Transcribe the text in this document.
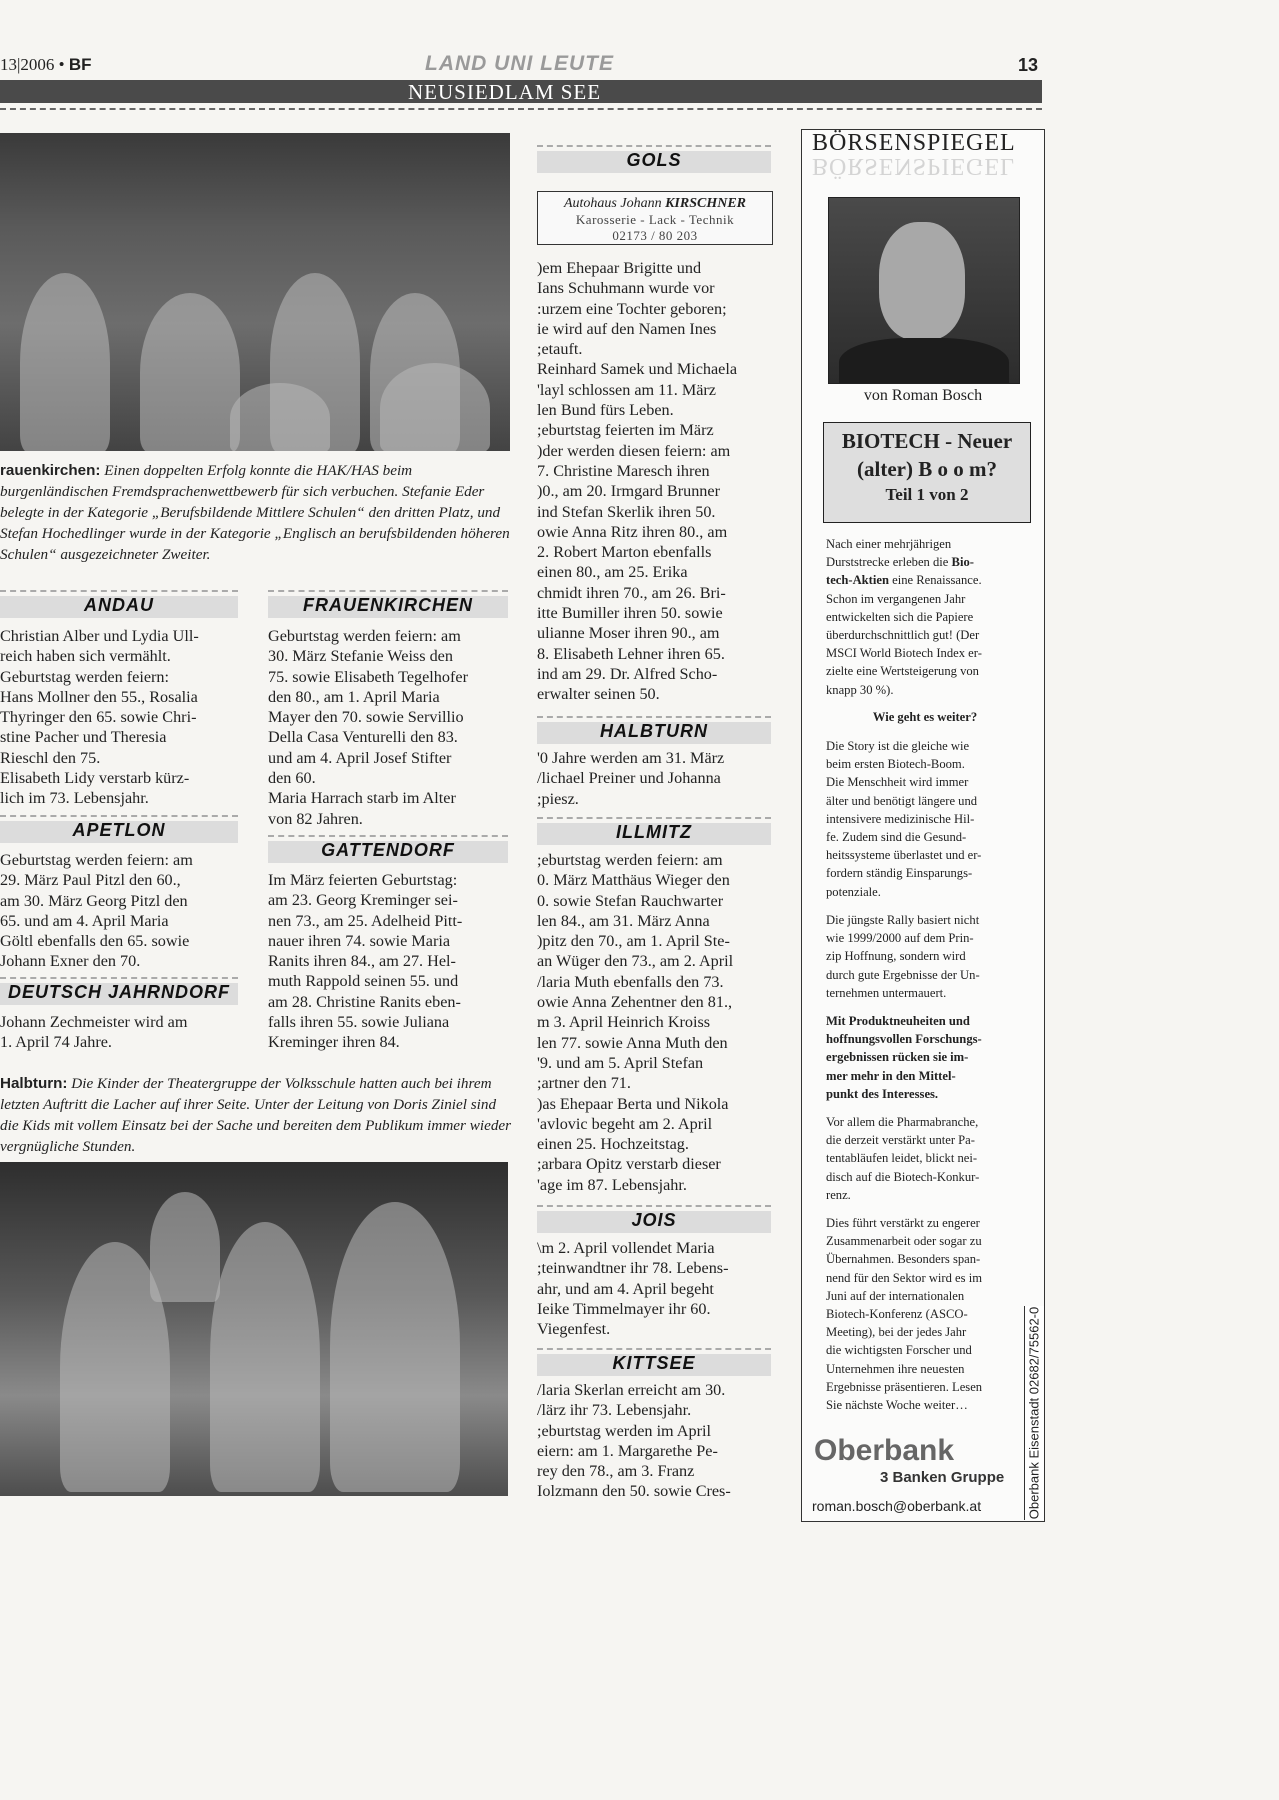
13|2006 • BF	LAND UNI LEUTE	13
NEUSIEDLAM SEE
rauenkirchen: Einen doppelten Erfolg konnte die HAK/HAS beim burgenländischen Fremdsprachenwettbewerb für sich verbuchen. Stefanie Eder belegte in der Kategorie „Berufsbildende Mittlere Schulen“ den dritten Platz, und Stefan Hochedlinger wurde in der Kategorie „Englisch an berufsbildenden höheren Schulen“ ausgezeichneter Zweiter.
ANDAU
Christian Alber und Lydia Ull-
reich haben sich vermählt.
Geburtstag werden feiern:
Hans Mollner den 55., Rosalia
Thyringer den 65. sowie Chri-
stine Pacher und Theresia
Rieschl den 75.
Elisabeth Lidy verstarb kürz-
lich im 73. Lebensjahr.
APETLON
Geburtstag werden feiern: am
29. März Paul Pitzl den 60.,
am 30. März Georg Pitzl den
65. und am 4. April Maria
Göltl ebenfalls den 65. sowie
Johann Exner den 70.
DEUTSCH JAHRNDORF
Johann Zechmeister wird am
1. April 74 Jahre.
FRAUENKIRCHEN
Geburtstag werden feiern: am
30. März Stefanie Weiss den
75. sowie Elisabeth Tegelhofer
den 80., am 1. April Maria
Mayer den 70. sowie Servillio
Della Casa Venturelli den 83.
und am 4. April Josef Stifter
den 60.
Maria Harrach starb im Alter
von 82 Jahren.
GATTENDORF
Im März feierten Geburtstag:
am 23. Georg Kreminger sei-
nen 73., am 25. Adelheid Pitt-
nauer ihren 74. sowie Maria
Ranits ihren 84., am 27. Hel-
muth Rappold seinen 55. und
am 28. Christine Ranits eben-
falls ihren 55. sowie Juliana
Kreminger ihren 84.
Halbturn: Die Kinder der Theatergruppe der Volksschule hatten auch bei ihrem letzten Auftritt die Lacher auf ihrer Seite. Unter der Leitung von Doris Ziniel sind die Kids mit vollem Einsatz bei der Sache und bereiten dem Publikum immer wieder vergnügliche Stunden.
GOLS
Autohaus Johann KIRSCHNER
Karosserie - Lack - Technik
02173 / 80 203
)em Ehepaar Brigitte und
Ians Schuhmann wurde vor
:urzem eine Tochter geboren;
ie wird auf den Namen Ines
;etauft.
Reinhard Samek und Michaela
'layl schlossen am 11. März
len Bund fürs Leben.
;eburtstag feierten im März
)der werden diesen feiern: am
7. Christine Maresch ihren
)0., am 20. Irmgard Brunner
ind Stefan Skerlik ihren 50.
owie Anna Ritz ihren 80., am
2. Robert Marton ebenfalls
einen 80., am 25. Erika
chmidt ihren 70., am 26. Bri-
itte Bumiller ihren 50. sowie
ulianne Moser ihren 90., am
8. Elisabeth Lehner ihren 65.
ind am 29. Dr. Alfred Scho-
erwalter seinen 50.
HALBTURN
'0 Jahre werden am 31. März
/lichael Preiner und Johanna
;piesz.
ILLMITZ
;eburtstag werden feiern: am
0. März Matthäus Wieger den
0. sowie Stefan Rauchwarter
len 84., am 31. März Anna
)pitz den 70., am 1. April Ste-
an Wüger den 73., am 2. April
/laria Muth ebenfalls den 73.
owie Anna Zehentner den 81.,
m 3. April Heinrich Kroiss
len 77. sowie Anna Muth den
'9. und am 5. April Stefan
;artner den 71.
)as Ehepaar Berta und Nikola
'avlovic begeht am 2. April
einen 25. Hochzeitstag.
;arbara Opitz verstarb dieser
'age im 87. Lebensjahr.
JOIS
\m 2. April vollendet Maria
;teinwandtner ihr 78. Lebens-
ahr, und am 4. April begeht
Ieike Timmelmayer ihr 60.
Viegenfest.
KITTSEE
/laria Skerlan erreicht am 30.
/lärz ihr 73. Lebensjahr.
;eburtstag werden im April
eiern: am 1. Margarethe Pe-
rey den 78., am 3. Franz
Iolzmann den 50. sowie Cres-
BÖRSENSPIEGEL
BÖRSENSPIEGEL
von Roman Bosch
BIOTECH - Neuer
(alter) B o o m?
Teil 1 von 2
Nach einer mehrjährigen
Durststrecke erleben die Bio-
tech-Aktien eine Renaissance.
Schon im vergangenen Jahr
entwickelten sich die Papiere
überdurchschnittlich gut! (Der
MSCI World Biotech Index er-
zielte eine Wertsteigerung von
knapp 30 %).
Wie geht es weiter?
Die Story ist die gleiche wie
beim ersten Biotech-Boom.
Die Menschheit wird immer
älter und benötigt längere und
intensivere medizinische Hil-
fe. Zudem sind die Gesund-
heitssysteme überlastet und er-
fordern ständig Einsparungs-
potenziale.
Die jüngste Rally basiert nicht
wie 1999/2000 auf dem Prin-
zip Hoffnung, sondern wird
durch gute Ergebnisse der Un-
ternehmen untermauert.
Mit Produktneuheiten und
hoffnungsvollen Forschungs-
ergebnissen rücken sie im-
mer mehr in den Mittel-
punkt des Interesses.
Vor allem die Pharmabranche,
die derzeit verstärkt unter Pa-
tentabläufen leidet, blickt nei-
disch auf die Biotech-Konkur-
renz.
Dies führt verstärkt zu engerer
Zusammenarbeit oder sogar zu
Übernahmen. Besonders span-
nend für den Sektor wird es im
Juni auf der internationalen
Biotech-Konferenz (ASCO-
Meeting), bei der jedes Jahr
die wichtigsten Forscher und
Unternehmen ihre neuesten
Ergebnisse präsentieren. Lesen
Sie nächste Woche weiter…
Oberbank
3 Banken Gruppe
roman.bosch@oberbank.at	Oberbank Eisenstadt 02682/75562-0
